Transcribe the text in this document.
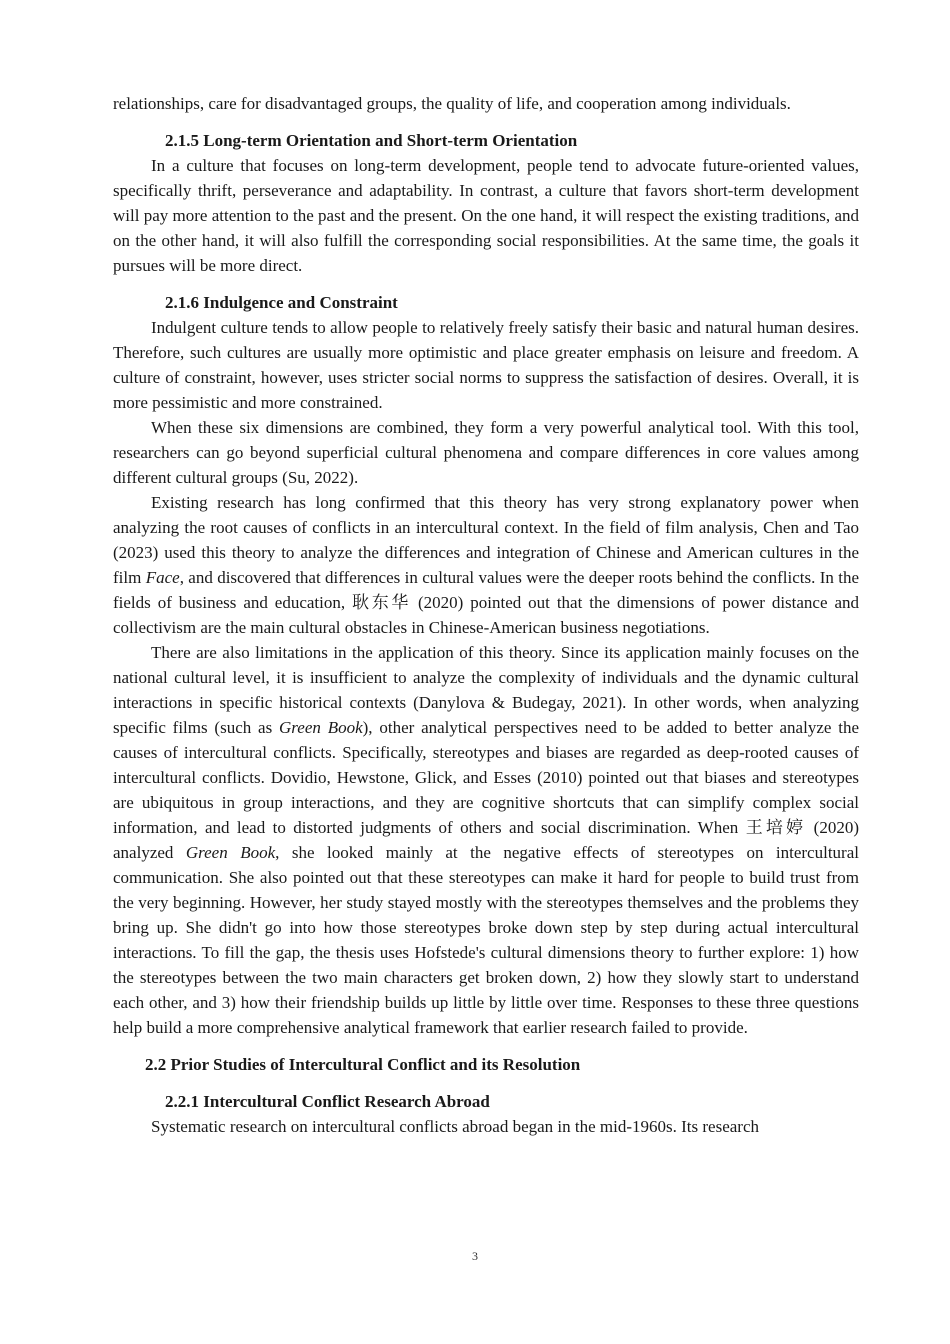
relationships, care for disadvantaged groups, the quality of life, and cooperation among individuals.

2.1.5 Long-term Orientation and Short-term Orientation

In a culture that focuses on long-term development, people tend to advocate future-oriented values, specifically thrift, perseverance and adaptability. In contrast, a culture that favors short-term development will pay more attention to the past and the present. On the one hand, it will respect the existing traditions, and on the other hand, it will also fulfill the corresponding social responsibilities. At the same time, the goals it pursues will be more direct.

2.1.6 Indulgence and Constraint

Indulgent culture tends to allow people to relatively freely satisfy their basic and natural human desires. Therefore, such cultures are usually more optimistic and place greater emphasis on leisure and freedom. A culture of constraint, however, uses stricter social norms to suppress the satisfaction of desires. Overall, it is more pessimistic and more constrained.

When these six dimensions are combined, they form a very powerful analytical tool. With this tool, researchers can go beyond superficial cultural phenomena and compare differences in core values among different cultural groups (Su, 2022).

Existing research has long confirmed that this theory has very strong explanatory power when analyzing the root causes of conflicts in an intercultural context. In the field of film analysis, Chen and Tao (2023) used this theory to analyze the differences and integration of Chinese and American cultures in the film Face, and discovered that differences in cultural values were the deeper roots behind the conflicts. In the fields of business and education, 耿东华 (2020) pointed out that the dimensions of power distance and collectivism are the main cultural obstacles in Chinese-American business negotiations.

There are also limitations in the application of this theory. Since its application mainly focuses on the national cultural level, it is insufficient to analyze the complexity of individuals and the dynamic cultural interactions in specific historical contexts (Danylova & Budegay, 2021). In other words, when analyzing specific films (such as Green Book), other analytical perspectives need to be added to better analyze the causes of intercultural conflicts. Specifically, stereotypes and biases are regarded as deep-rooted causes of intercultural conflicts. Dovidio, Hewstone, Glick, and Esses (2010) pointed out that biases and stereotypes are ubiquitous in group interactions, and they are cognitive shortcuts that can simplify complex social information, and lead to distorted judgments of others and social discrimination. When 王培婷 (2020) analyzed Green Book, she looked mainly at the negative effects of stereotypes on intercultural communication. She also pointed out that these stereotypes can make it hard for people to build trust from the very beginning. However, her study stayed mostly with the stereotypes themselves and the problems they bring up. She didn't go into how those stereotypes broke down step by step during actual intercultural interactions. To fill the gap, the thesis uses Hofstede's cultural dimensions theory to further explore: 1) how the stereotypes between the two main characters get broken down, 2) how they slowly start to understand each other, and 3) how their friendship builds up little by little over time. Responses to these three questions help build a more comprehensive analytical framework that earlier research failed to provide.

2.2 Prior Studies of Intercultural Conflict and its Resolution
2.2.1 Intercultural Conflict Research Abroad

Systematic research on intercultural conflicts abroad began in the mid-1960s. Its research

3
